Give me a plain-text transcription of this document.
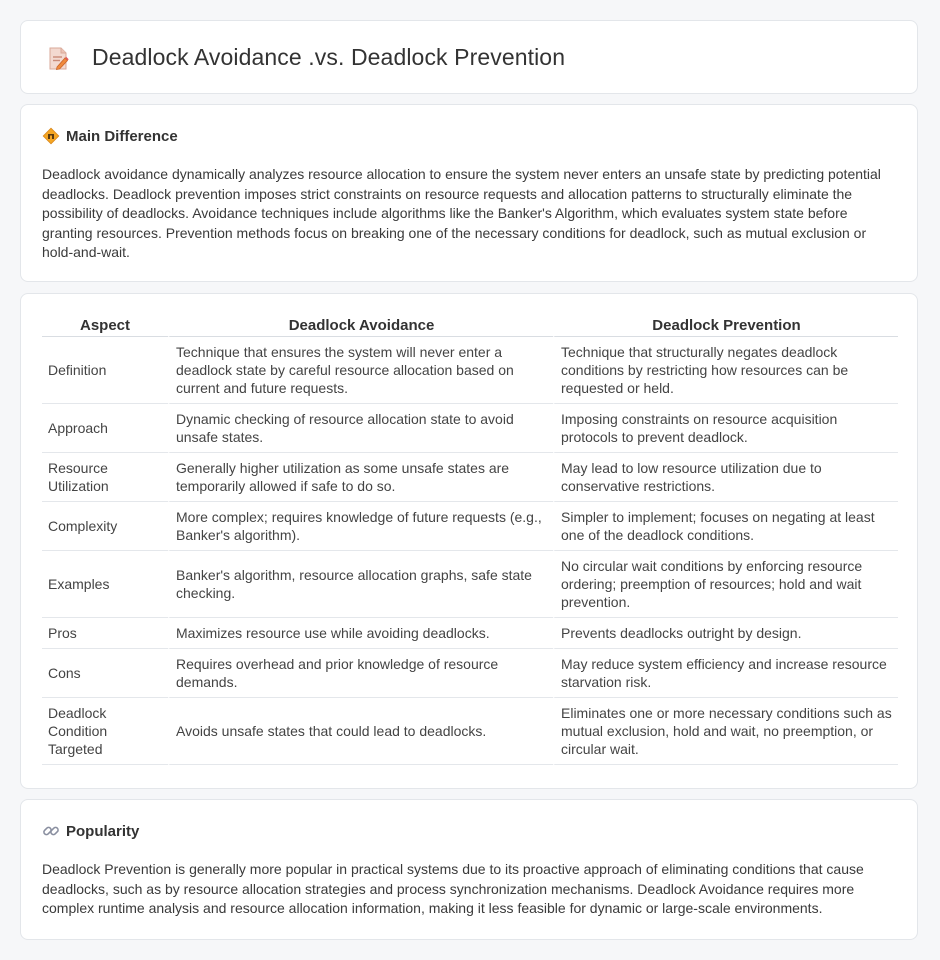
Deadlock Avoidance .vs. Deadlock Prevention
Main Difference

Deadlock avoidance dynamically analyzes resource allocation to ensure the system never enters an unsafe state by predicting potential deadlocks. Deadlock prevention imposes strict constraints on resource requests and allocation patterns to structurally eliminate the possibility of deadlocks. Avoidance techniques include algorithms like the Banker's Algorithm, which evaluates system state before granting resources. Prevention methods focus on breaking one of the necessary conditions for deadlock, such as mutual exclusion or hold-and-wait.

Aspect	Deadlock Avoidance	Deadlock Prevention
Definition	Technique that ensures the system will never enter a deadlock state by careful resource allocation based on current and future requests.	Technique that structurally negates deadlock conditions by restricting how resources can be requested or held.
Approach	Dynamic checking of resource allocation state to avoid unsafe states.	Imposing constraints on resource acquisition protocols to prevent deadlock.
Resource Utilization	Generally higher utilization as some unsafe states are temporarily allowed if safe to do so.	May lead to low resource utilization due to conservative restrictions.
Complexity	More complex; requires knowledge of future requests (e.g., Banker's algorithm).	Simpler to implement; focuses on negating at least one of the deadlock conditions.
Examples	Banker's algorithm, resource allocation graphs, safe state checking.	No circular wait conditions by enforcing resource ordering; preemption of resources; hold and wait prevention.
Pros	Maximizes resource use while avoiding deadlocks.	Prevents deadlocks outright by design.
Cons	Requires overhead and prior knowledge of resource demands.	May reduce system efficiency and increase resource starvation risk.
Deadlock Condition Targeted	Avoids unsafe states that could lead to deadlocks.	Eliminates one or more necessary conditions such as mutual exclusion, hold and wait, no preemption, or circular wait.
Popularity

Deadlock Prevention is generally more popular in practical systems due to its proactive approach of eliminating conditions that cause deadlocks, such as by resource allocation strategies and process synchronization mechanisms. Deadlock Avoidance requires more complex runtime analysis and resource allocation information, making it less feasible for dynamic or large-scale environments.
